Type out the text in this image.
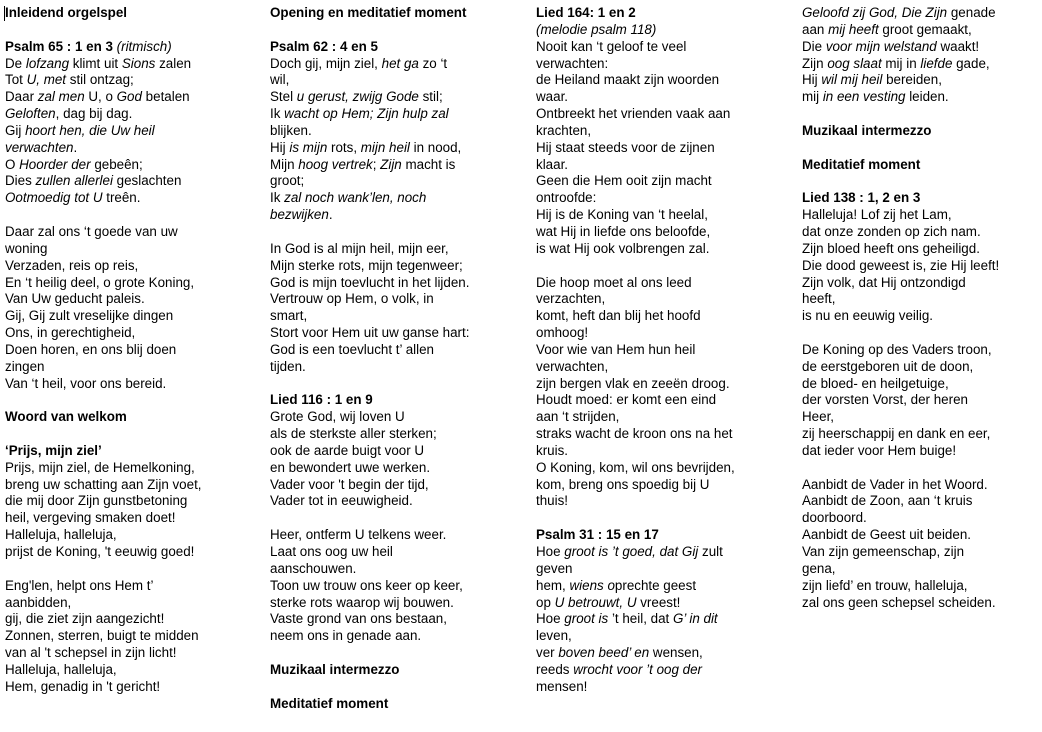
Inleidend orgelspel
Psalm 65 : 1 en 3 (ritmisch)
De lofzang klimt uit Sions zalen
Tot U, met stil ontzag;
Daar zal men U, o God betalen
Geloften, dag bij dag.
Gij hoort hen, die Uw heil
verwachten.
O Hoorder der gebeên;
Dies zullen allerlei geslachten
Ootmoedig tot U treên.
Daar zal ons ‘t goede van uw
woning
Verzaden, reis op reis,
En ‘t heilig deel, o grote Koning,
Van Uw geducht paleis.
Gij, Gij zult vreselijke dingen
Ons, in gerechtigheid,
Doen horen, en ons blij doen
zingen
Van ‘t heil, voor ons bereid.
Woord van welkom
‘Prijs, mijn ziel’
Prijs, mijn ziel, de Hemelkoning,
breng uw schatting aan Zijn voet,
die mij door Zijn gunstbetoning
heil, vergeving smaken doet!
Halleluja, halleluja,
prijst de Koning, 't eeuwig goed!
Eng'len, helpt ons Hem t’
aanbidden,
gij, die ziet zijn aangezicht!
Zonnen, sterren, buigt te midden
van al 't schepsel in zijn licht!
Halleluja, halleluja,
Hem, genadig in 't gericht!
Opening en meditatief moment
Psalm 62 : 4 en 5
Doch gij, mijn ziel, het ga zo ‘t
wil,
Stel u gerust, zwijg Gode stil;
Ik wacht op Hem; Zijn hulp zal
blijken.
Hij is mijn rots, mijn heil in nood,
Mijn hoog vertrek; Zijn macht is
groot;
Ik zal noch wank’len, noch
bezwijken.
In God is al mijn heil, mijn eer,
Mijn sterke rots, mijn tegenweer;
God is mijn toevlucht in het lijden.
Vertrouw op Hem, o volk, in
smart,
Stort voor Hem uit uw ganse hart:
God is een toevlucht t’ allen
tijden.
Lied 116 : 1 en 9
Grote God, wij loven U
als de sterkste aller sterken;
ook de aarde buigt voor U
en bewondert uwe werken.
Vader voor 't begin der tijd,
Vader tot in eeuwigheid.
Heer, ontferm U telkens weer.
Laat ons oog uw heil
aanschouwen.
Toon uw trouw ons keer op keer,
sterke rots waarop wij bouwen.
Vaste grond van ons bestaan,
neem ons in genade aan.
Muzikaal intermezzo
Meditatief moment
Lied 164: 1 en 2
(melodie psalm 118)
Nooit kan ‘t geloof te veel
verwachten:
de Heiland maakt zijn woorden
waar.
Ontbreekt het vrienden vaak aan
krachten,
Hij staat steeds voor de zijnen
klaar.
Geen die Hem ooit zijn macht
ontroofde:
Hij is de Koning van ‘t heelal,
wat Hij in liefde ons beloofde,
is wat Hij ook volbrengen zal.
Die hoop moet al ons leed
verzachten,
komt, heft dan blij het hoofd
omhoog!
Voor wie van Hem hun heil
verwachten,
zijn bergen vlak en zeeën droog.
Houdt moed: er komt een eind
aan ‘t strijden,
straks wacht de kroon ons na het
kruis.
O Koning, kom, wil ons bevrijden,
kom, breng ons spoedig bij U
thuis!
Psalm 31 : 15 en 17
Hoe groot is ’t goed, dat Gij zult
geven
hem, wiens oprechte geest
op U betrouwt, U vreest!
Hoe groot is ’t heil, dat G’ in dit
leven,
ver boven beed’ en wensen,
reeds wrocht voor ’t oog der
mensen!
Geloofd zij God, Die Zijn genade
aan mij heeft groot gemaakt,
Die voor mijn welstand waakt!
Zijn oog slaat mij in liefde gade,
Hij wil mij heil bereiden,
mij in een vesting leiden.
Muzikaal intermezzo
Meditatief moment
Lied 138 : 1, 2 en 3
Halleluja! Lof zij het Lam,
dat onze zonden op zich nam.
Zijn bloed heeft ons geheiligd.
Die dood geweest is, zie Hij leeft!
Zijn volk, dat Hij ontzondigd
heeft,
is nu en eeuwig veilig.
De Koning op des Vaders troon,
de eerstgeboren uit de doon,
de bloed- en heilgetuige,
der vorsten Vorst, der heren
Heer,
zij heerschappij en dank en eer,
dat ieder voor Hem buige!
Aanbidt de Vader in het Woord.
Aanbidt de Zoon, aan ‘t kruis
doorboord.
Aanbidt de Geest uit beiden.
Van zijn gemeenschap, zijn
gena,
zijn liefd’ en trouw, halleluja,
zal ons geen schepsel scheiden.
